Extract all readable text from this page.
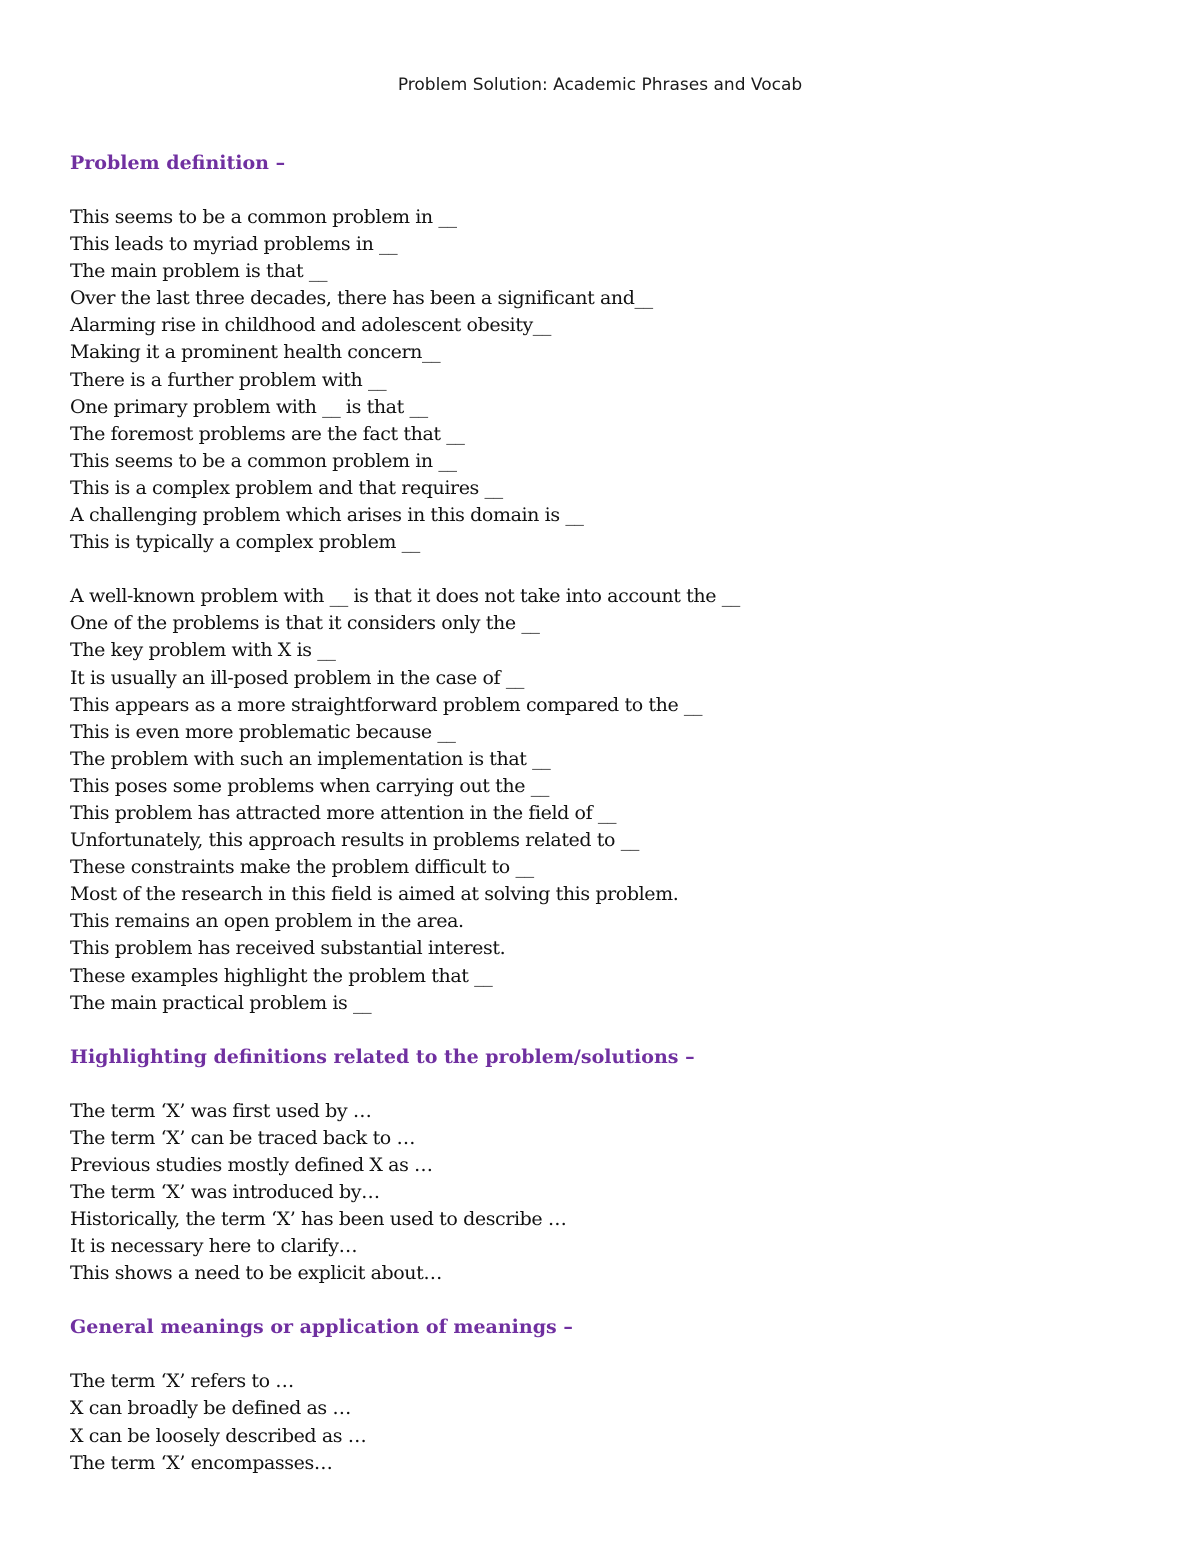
Problem Solution: Academic Phrases and Vocab
Problem definition –
This seems to be a common problem in __
This leads to myriad problems in __
The main problem is that __
Over the last three decades, there has been a significant and__
Alarming rise in childhood and adolescent obesity__
Making it a prominent health concern__
There is a further problem with __
One primary problem with __ is that __
The foremost problems are the fact that __
This seems to be a common problem in __
This is a complex problem and that requires __
A challenging problem which arises in this domain is __
This is typically a complex problem __
A well-known problem with __ is that it does not take into account the __
One of the problems is that it considers only the __
The key problem with X is __
It is usually an ill-posed problem in the case of __
This appears as a more straightforward problem compared to the __
This is even more problematic because __
The problem with such an implementation is that __
This poses some problems when carrying out the __
This problem has attracted more attention in the field of __
Unfortunately, this approach results in problems related to __
These constraints make the problem difficult to __
Most of the research in this field is aimed at solving this problem.
This remains an open problem in the area.
This problem has received substantial interest.
These examples highlight the problem that __
The main practical problem is __
Highlighting definitions related to the problem/solutions –
The term ‘X’ was first used by …
The term ‘X’ can be traced back to …
Previous studies mostly defined X as …
The term ‘X’ was introduced by…
Historically, the term ‘X’ has been used to describe …
It is necessary here to clarify…
This shows a need to be explicit about…
General meanings or application of meanings –
The term ‘X’ refers to …
X can broadly be defined as …
X can be loosely described as …
The term ‘X’ encompasses…
